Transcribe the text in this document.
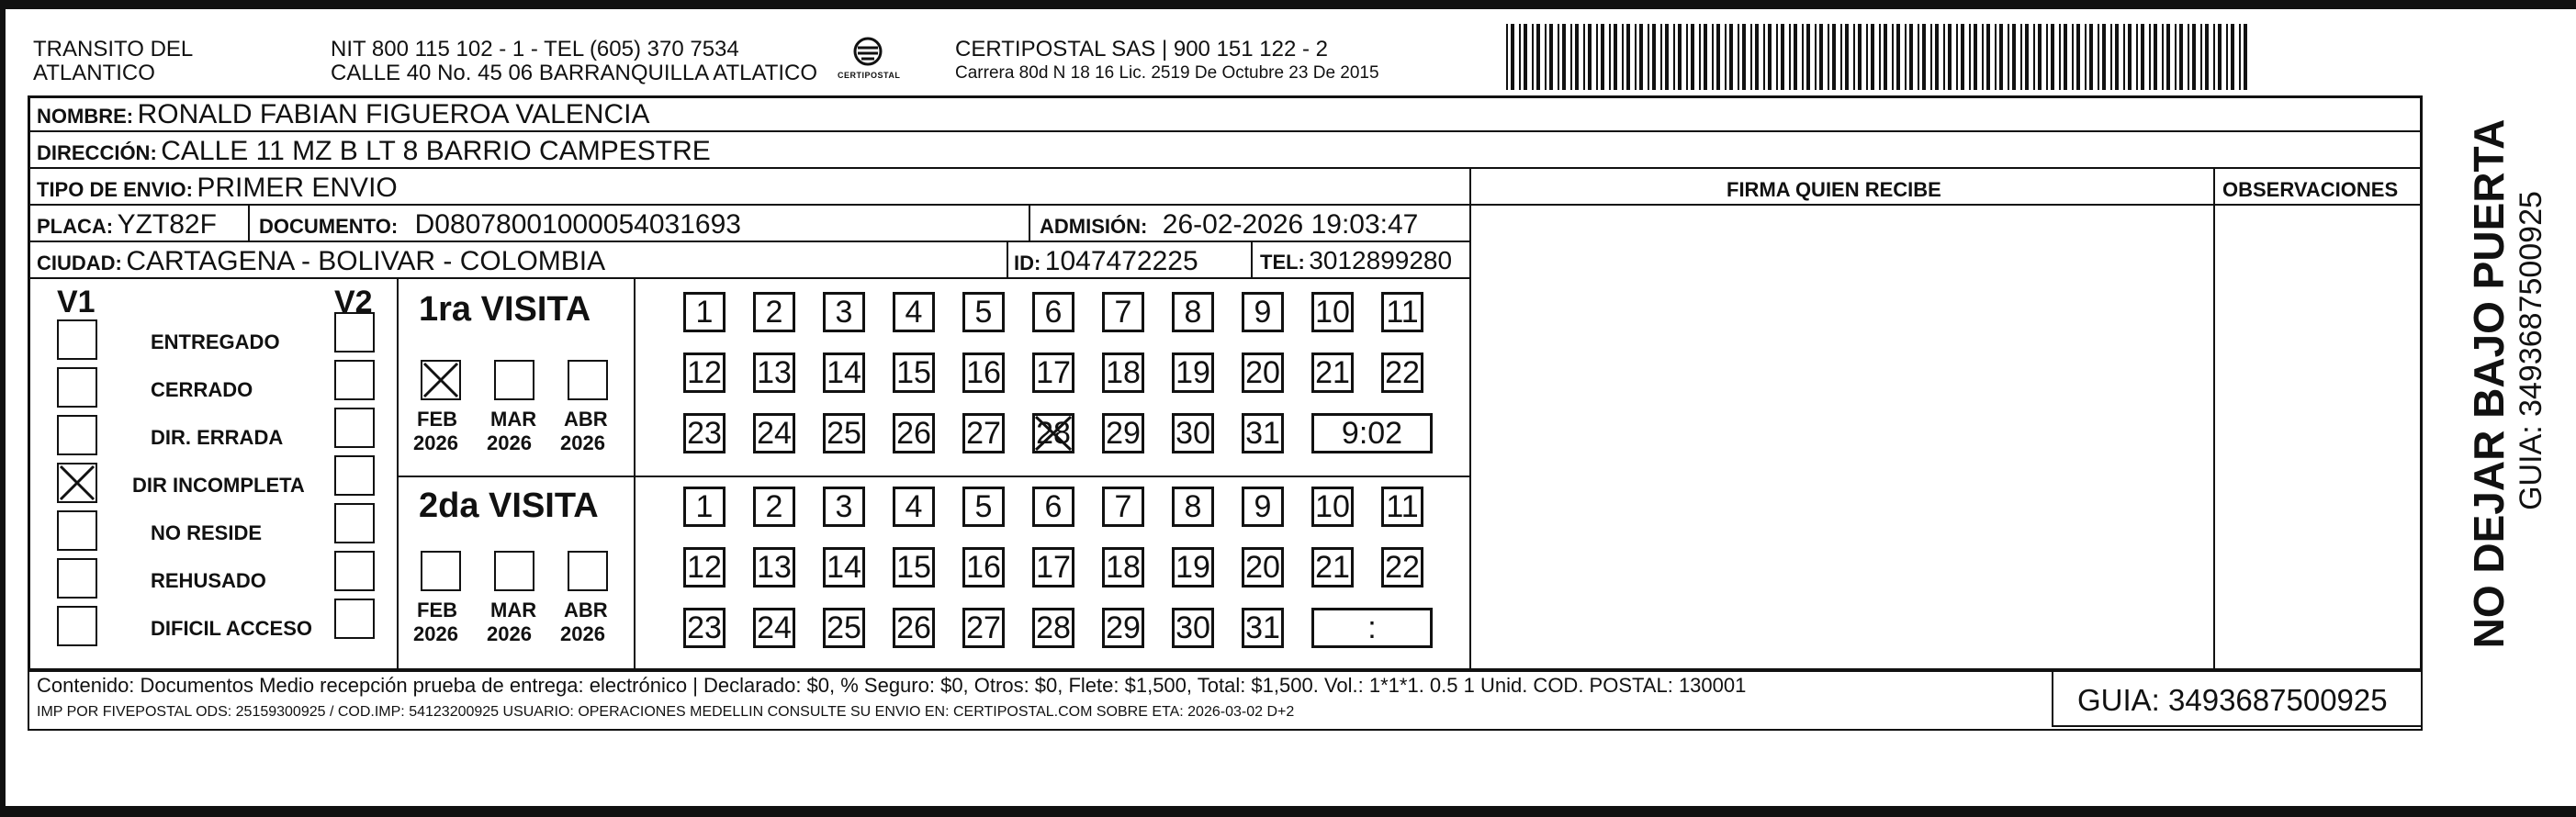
TRANSITO DEL
ATLANTICO
NIT 800 115 102 - 1 - TEL (605) 370 7534
CALLE 40 No. 45 06 BARRANQUILLA ATLATICO CERTIPOSTAL
CERTIPOSTAL SAS | 900 151 122 - 2
Carrera 80d N 18 16 Lic. 2519 De Octubre 23 De 2015
NOMBRE: RONALD FABIAN FIGUEROA VALENCIA
DIRECCIÓN: CALLE 11 MZ B LT 8 BARRIO CAMPESTRE
TIPO DE ENVIO: PRIMER ENVIO
PLACA: YZT82F DOCUMENTO: D08078001000054031693	ADMISIÓN: 26-02-2026 19:03:47
CIUDAD: CARTAGENA - BOLIVAR - COLOMBIA	ID: 1047472225	TEL: 3012899280
FIRMA QUIEN RECIBE	OBSERVACIONES
V1	V2
ENTREGADO
CERRADO
DIR. ERRADA
DIR INCOMPLETA
NO RESIDE
REHUSADO
DIFICIL ACCESO
1ra VISITA
2da VISITA
FEB
2026
MAR
2026
ABR
2026
FEB
2026
MAR
2026
ABR
2026
1 2 3 4 5 6 7 8 9 10 11
12 13 14 15 16 17 18 19 20 21 22
23 24 25 26 27 28 29 30 31 9:02
1 2 3 4 5 6 7 8 9 10 11
12 13 14 15 16 17 18 19 20 21 22
23 24 25 26 27 28 29 30 31	:
Contenido: Documentos Medio recepción prueba de entrega: electrónico | Declarado: $0, % Seguro: $0, Otros: $0, Flete: $1,500, Total: $1,500. Vol.: 1*1*1. 0.5 1 Unid. COD. POSTAL: 130001
IMP POR FIVEPOSTAL ODS: 25159300925 / COD.IMP: 54123200925 USUARIO: OPERACIONES MEDELLIN CONSULTE SU ENVIO EN: CERTIPOSTAL.COM SOBRE ETA: 2026-03-02 D+2	GUIA: 3493687500925
NO DEJAR BAJO PUERTA GUIA: 3493687500925
